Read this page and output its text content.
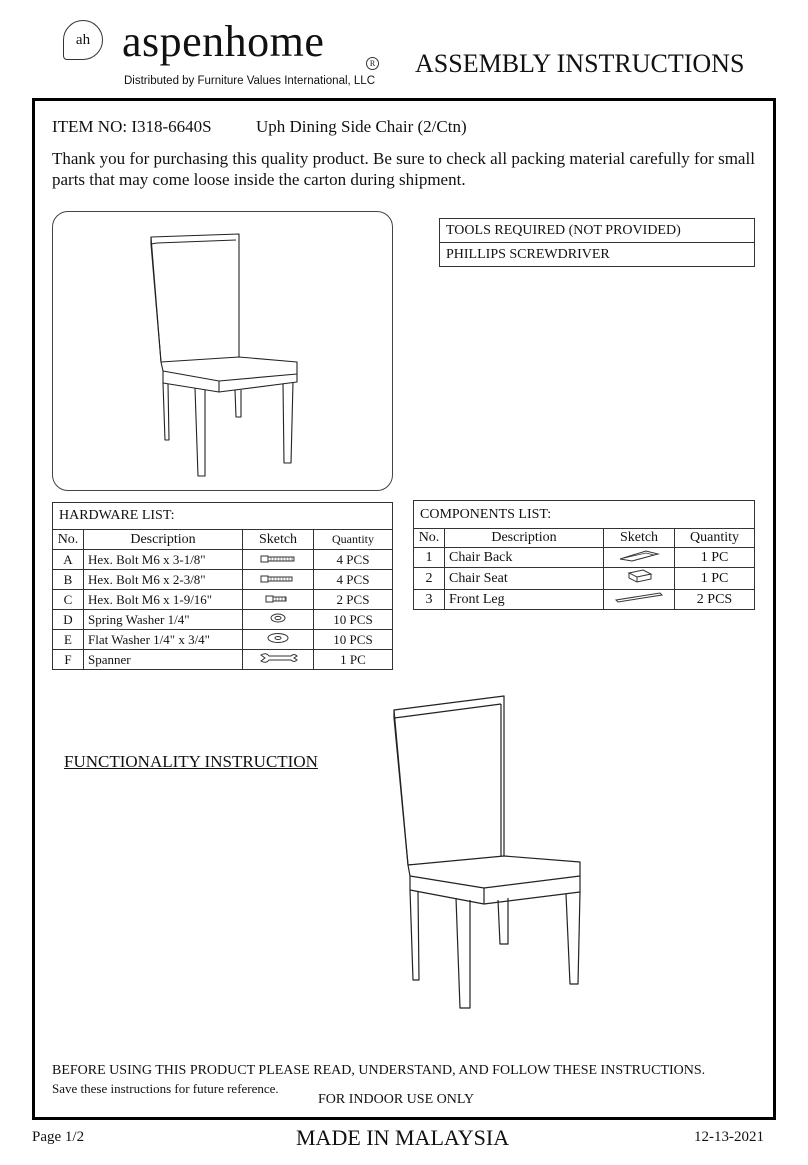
ah aspenhome	R
Distributed by Furniture Values International, LLC
ASSEMBLY INSTRUCTIONS
ITEM NO: I318-6640S	Uph Dining Side Chair (2/Ctn)
Thank you for purchasing this quality product. Be sure to check all packing material carefully for small parts that may come loose inside the carton during shipment.
TOOLS REQUIRED (NOT PROVIDED)
PHILLIPS SCREWDRIVER
HARDWARE LIST:			
No.	Description	Sketch	Quantity
A	Hex. Bolt M6 x 3-1/8"		4 PCS
B	Hex. Bolt M6 x 2-3/8"		4 PCS
C	Hex. Bolt M6 x 1-9/16"		2 PCS
D	Spring Washer 1/4"		10 PCS
E	Flat Washer 1/4" x 3/4"		10 PCS
F	Spanner		1 PC
COMPONENTS LIST:			
No.	Description	Sketch	Quantity
1	Chair Back		1 PC
2	Chair Seat		1 PC
3	Front Leg		2 PCS
FUNCTIONALITY INSTRUCTION
BEFORE USING THIS PRODUCT PLEASE READ, UNDERSTAND, AND FOLLOW THESE INSTRUCTIONS.
Save these instructions for future reference.
FOR INDOOR USE ONLY
Page 1/2	MADE IN MALAYSIA	12-13-2021
